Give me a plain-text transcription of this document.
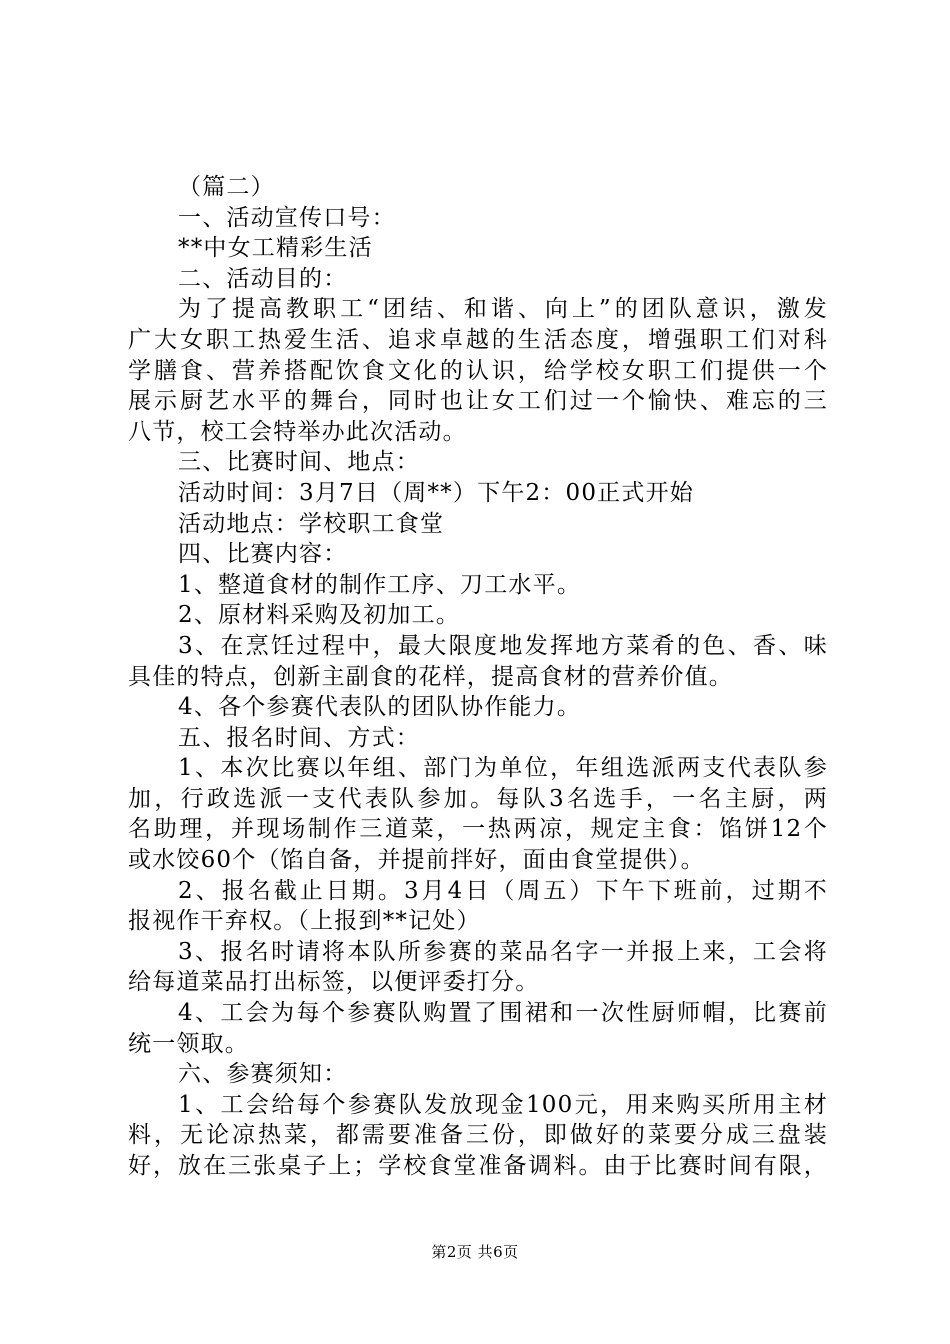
（篇二）
一、活动宣传口号：
**中女工精彩生活
二、活动目的：
为了提高教职工“团结、和谐、向上”的团队意识，激发
广大女职工热爱生活、追求卓越的生活态度，增强职工们对科
学膳食、营养搭配饮食文化的认识，给学校女职工们提供一个
展示厨艺水平的舞台，同时也让女工们过一个愉快、难忘的三
八节，校工会特举办此次活动。
三、比赛时间、地点：
活动时间：3月7日（周**）下午2：00正式开始
活动地点：学校职工食堂
四、比赛内容：
1、整道食材的制作工序、刀工水平。
2、原材料采购及初加工。
3、在烹饪过程中，最大限度地发挥地方菜肴的色、香、味
具佳的特点，创新主副食的花样，提高食材的营养价值。
4、各个参赛代表队的团队协作能力。
五、报名时间、方式：
1、本次比赛以年组、部门为单位，年组选派两支代表队参
加，行政选派一支代表队参加。每队3名选手，一名主厨，两
名助理，并现场制作三道菜，一热两凉，规定主食：馅饼12个
或水饺60个（馅自备，并提前拌好，面由食堂提供）。
2、报名截止日期。3月4日（周五）下午下班前，过期不
报视作干弃权。（上报到**记处）
3、报名时请将本队所参赛的菜品名字一并报上来，工会将
给每道菜品打出标签，以便评委打分。
4、工会为每个参赛队购置了围裙和一次性厨师帽，比赛前
统一领取。
六、参赛须知：
1、工会给每个参赛队发放现金100元，用来购买所用主材
料，无论凉热菜，都需要准备三份，即做好的菜要分成三盘装
好，放在三张桌子上；学校食堂准备调料。由于比赛时间有限，
第2页 共6页
